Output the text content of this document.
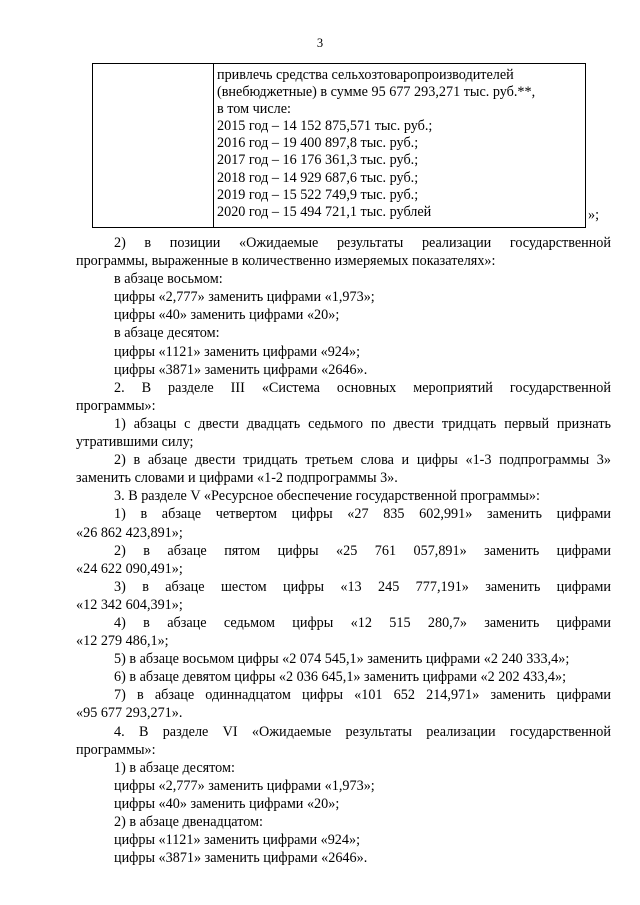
3
привлечь средства сельхозтоваропроизводителей
(внебюджетные) в сумме 95 677 293,271 тыс. руб.**,
в том числе:
2015 год – 14 152 875,571 тыс. руб.;
2016 год – 19 400 897,8 тыс. руб.;
2017 год – 16 176 361,3 тыс. руб.;
2018 год – 14 929 687,6 тыс. руб.;
2019 год – 15 522 749,9 тыс. руб.;
2020 год – 15 494 721,1 тыс. рублей	»;
2) в позиции «Ожидаемые результаты реализации государственной
программы, выраженные в количественно измеряемых показателях»:
в абзаце восьмом:
цифры «2,777» заменить цифрами «1,973»;
цифры «40» заменить цифрами «20»;
в абзаце десятом:
цифры «1121» заменить цифрами «924»;
цифры «3871» заменить цифрами «2646».
2. В разделе III «Система основных мероприятий государственной
программы»:
1) абзацы с двести двадцать седьмого по двести тридцать первый признать
утратившими силу;
2) в абзаце двести тридцать третьем слова и цифры «1-3 подпрограммы 3»
заменить словами и цифрами «1-2 подпрограммы 3».
3. В разделе V «Ресурсное обеспечение государственной программы»:
1) в абзаце четвертом цифры «27 835 602,991» заменить цифрами
«26 862 423,891»;
2) в абзаце пятом цифры «25 761 057,891» заменить цифрами
«24 622 090,491»;
3) в абзаце шестом цифры «13 245 777,191» заменить цифрами
«12 342 604,391»;
4) в абзаце седьмом цифры «12 515 280,7» заменить цифрами
«12 279 486,1»;
5) в абзаце восьмом цифры «2 074 545,1» заменить цифрами «2 240 333,4»;
6) в абзаце девятом цифры «2 036 645,1» заменить цифрами «2 202 433,4»;
7) в абзаце одиннадцатом цифры «101 652 214,971» заменить цифрами
«95 677 293,271».
4. В разделе VI «Ожидаемые результаты реализации государственной
программы»:
1) в абзаце десятом:
цифры «2,777» заменить цифрами «1,973»;
цифры «40» заменить цифрами «20»;
2) в абзаце двенадцатом:
цифры «1121» заменить цифрами «924»;
цифры «3871» заменить цифрами «2646».
